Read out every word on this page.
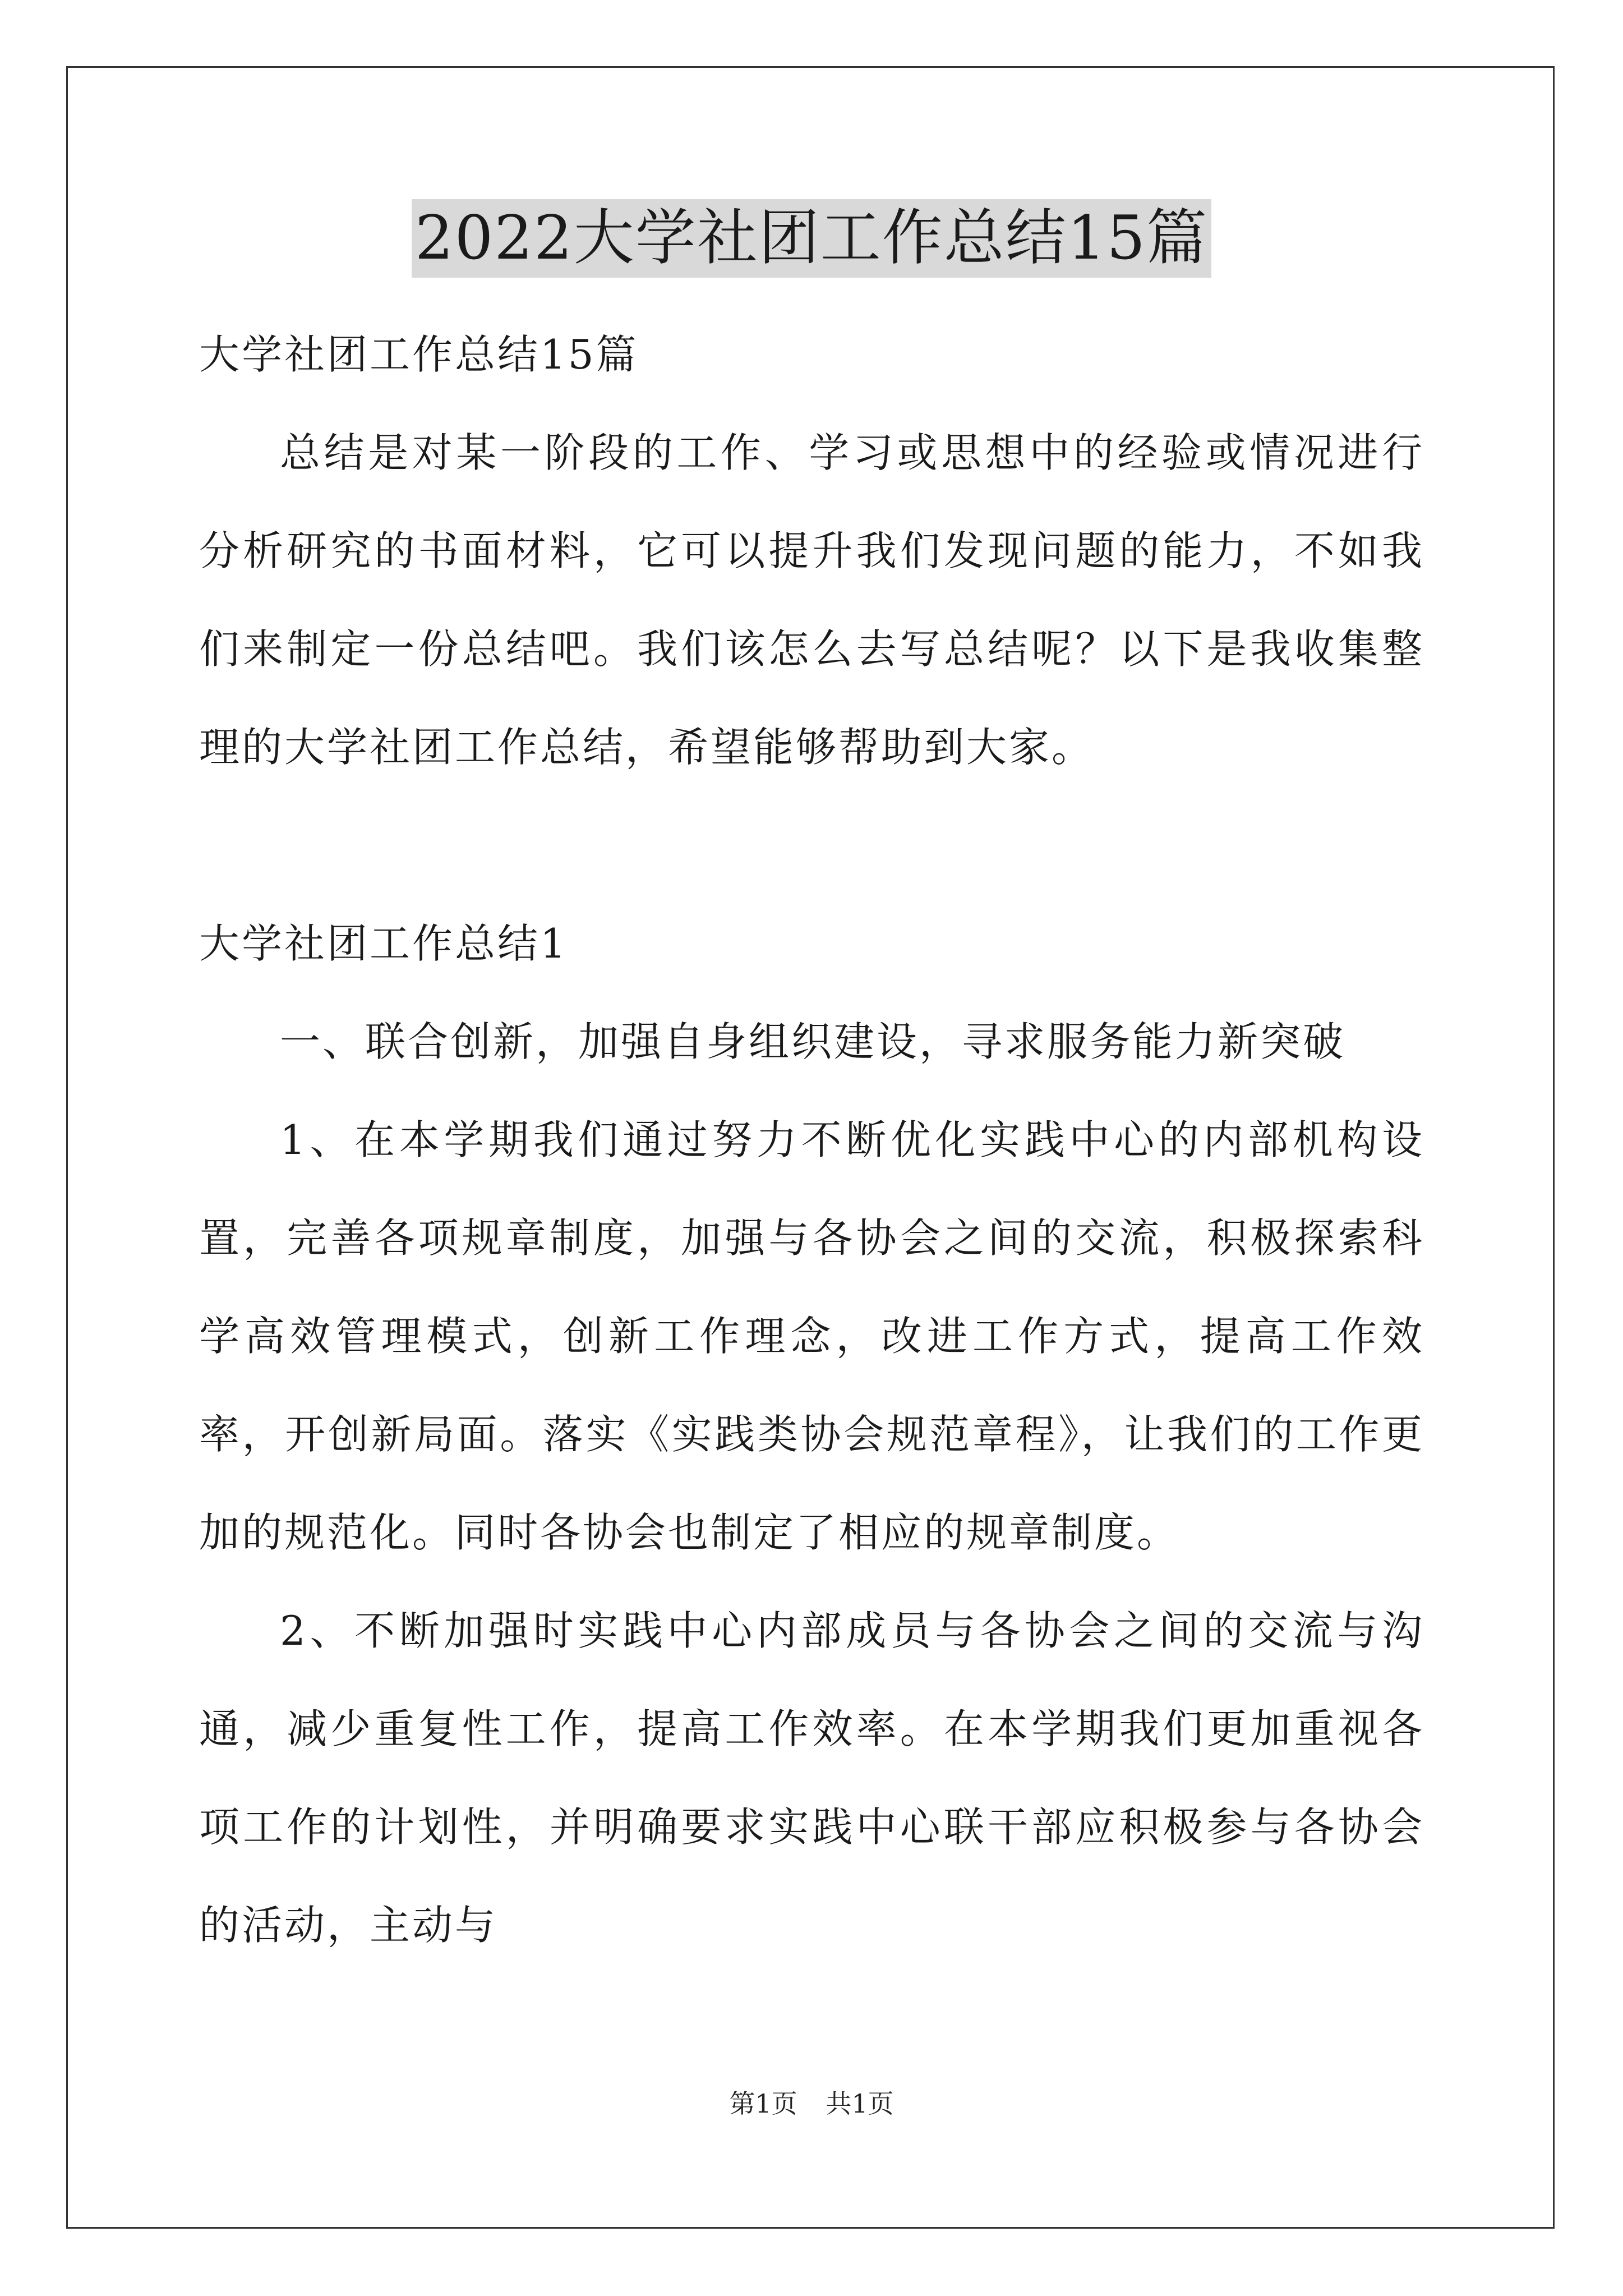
2022大学社团工作总结15篇

大学社团工作总结15篇

总结是对某一阶段的工作、学习或思想中的经验或情况进行分析研究的书面材料，它可以提升我们发现问题的能力，不如我们来制定一份总结吧。我们该怎么去写总结呢？以下是我收集整理的大学社团工作总结，希望能够帮助到大家。

大学社团工作总结1

一、联合创新，加强自身组织建设，寻求服务能力新突破

1、在本学期我们通过努力不断优化实践中心的内部机构设置，完善各项规章制度，加强与各协会之间的交流，积极探索科学高效管理模式，创新工作理念，改进工作方式，提高工作效率，开创新局面。落实《实践类协会规范章程》，让我们的工作更加的规范化。同时各协会也制定了相应的规章制度。

2、不断加强时实践中心内部成员与各协会之间的交流与沟通，减少重复性工作，提高工作效率。在本学期我们更加重视各项工作的计划性，并明确要求实践中心联干部应积极参与各协会的活动，主动与

第1页 共1页
